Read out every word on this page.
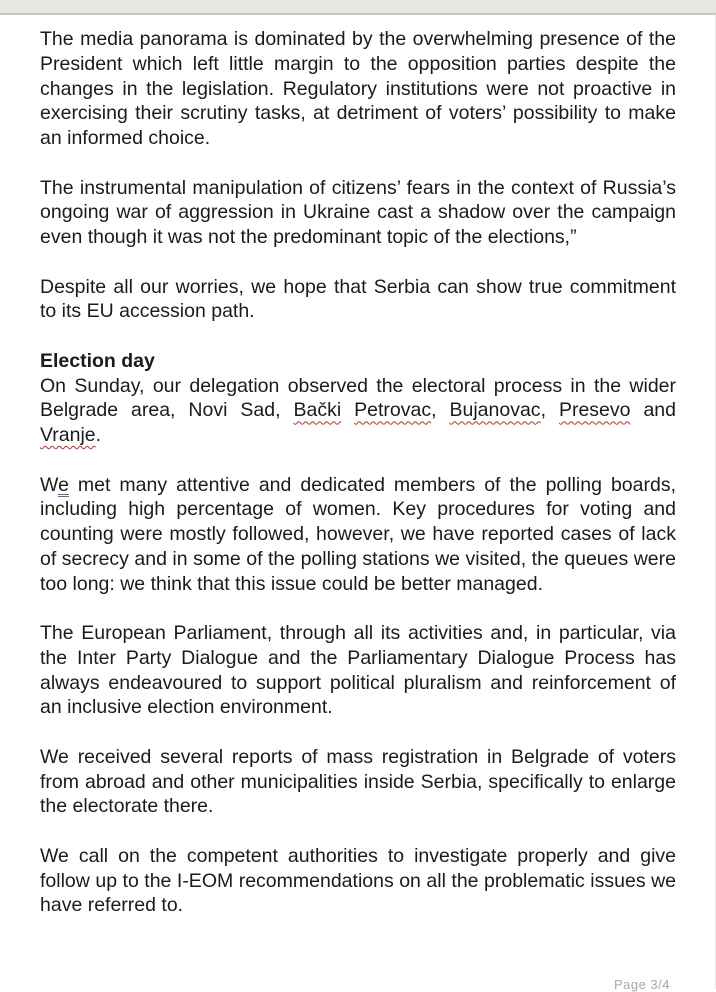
The media panorama is dominated by the overwhelming presence of the President which left little margin to the opposition parties despite the changes in the legislation. Regulatory institutions were not proactive in exercising their scrutiny tasks, at detriment of voters’ possibility to make an informed choice.

The instrumental manipulation of citizens’ fears in the context of Russia’s ongoing war of aggression in Ukraine cast a shadow over the campaign even though it was not the predominant topic of the elections,”

Despite all our worries, we hope that Serbia can show true commitment to its EU accession path.

Election day

On Sunday, our delegation observed the electoral process in the wider Belgrade area, Novi Sad, Bački Petrovac, Bujanovac, Presevo and Vranje.

We met many attentive and dedicated members of the polling boards, including high percentage of women. Key procedures for voting and counting were mostly followed, however, we have reported cases of lack of secrecy and in some of the polling stations we visited, the queues were too long: we think that this issue could be better managed.

The European Parliament, through all its activities and, in particular, via the Inter Party Dialogue and the Parliamentary Dialogue Process has always endeavoured to support political pluralism and reinforcement of an inclusive election environment.

We received several reports of mass registration in Belgrade of voters from abroad and other municipalities inside Serbia, specifically to enlarge the electorate there.

We call on the competent authorities to investigate properly and give follow up to the I-EOM recommendations on all the problematic issues we have referred to.

Page 3/4
